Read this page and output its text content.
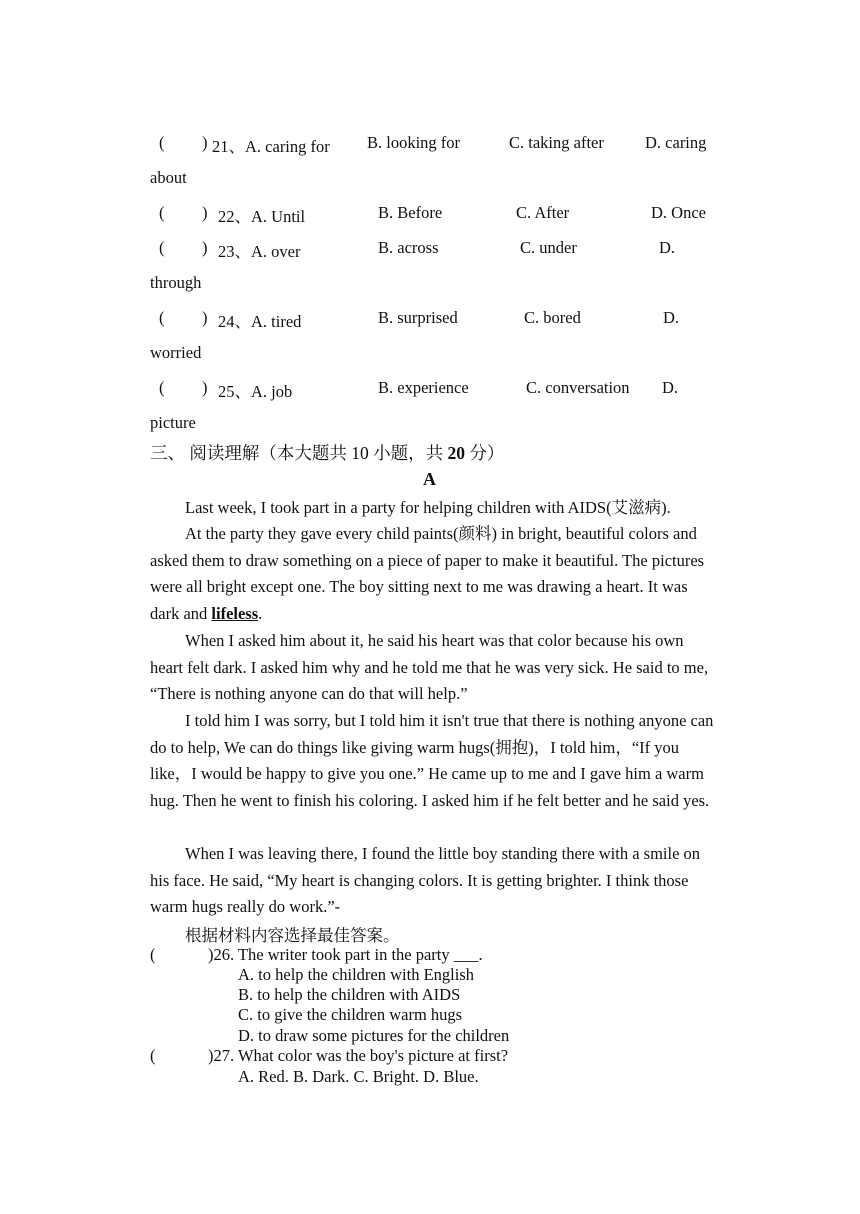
( ) 21、A. caring for B. looking for	C. taking after D. caring
about
( ) 22、A. Until	B. Before	C. After	D. Once
( ) 23、A. over	B. across	C. under	D.
through
( ) 24、A. tired	B. surprised	C. bored	D.
worried
( ) 25、A. job	B. experience	C. conversation D.
picture
三、 阅读理解（本大题共 10 小题，共 20 分）
A
Last week, I took part in a party for helping children with AIDS(艾滋病).
At the party they gave every child paints(颜料) in bright, beautiful colors and asked them to draw something on a piece of paper to make it beautiful. The pictures were all bright except one. The boy sitting next to me was drawing a heart. It was dark and lifeless.
When I asked him about it, he said his heart was that color because his own heart felt dark. I asked him why and he told me that he was very sick. He said to me, “There is nothing anyone can do that will help.”
I told him I was sorry, but I told him it isn't true that there is nothing anyone can do to help, We can do things like giving warm hugs(拥抱)，I told him，“If you like，I would be happy to give you one.” He came up to me and I gave him a warm hug. Then he went to finish his coloring. I asked him if he felt better and he said yes.
When I was leaving there, I found the little boy standing there with a smile on his face. He said, “My heart is changing colors. It is getting brighter. I think those warm hugs really do work.”-
根据材料内容选择最佳答案。
(	)26. The writer took part in the party ___.
A. to help the children with English
B. to help the children with AIDS
C. to give the children warm hugs
D. to draw some pictures for the children
(	)27. What color was the boy's picture at first?
A. Red. B. Dark. C. Bright. D. Blue.
